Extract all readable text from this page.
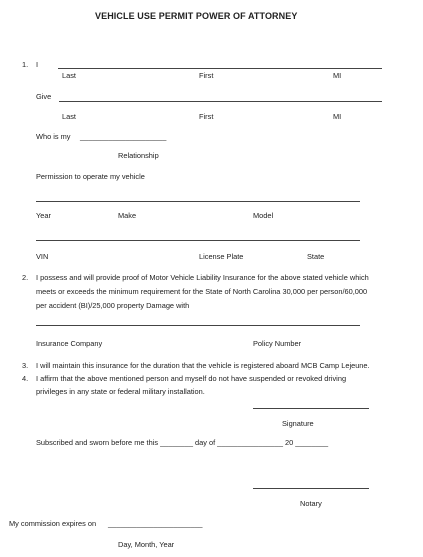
VEHICLE USE PERMIT POWER OF ATTORNEY
1. I
Last	First	MI
Give
Last	First	MI
Who is my _____________________
Relationship
Permission to operate my vehicle
Year	Make	Model
VIN	License Plate	State
2. I possess and will provide proof of Motor Vehicle Liability Insurance for the above stated vehicle which
meets or exceeds the minimum requirement for the State of North Carolina 30,000 per person/60,000
per accident (BI)/25,000 property Damage with
Insurance Company	Policy Number
3. I will maintain this insurance for the duration that the vehicle is registered aboard MCB Camp Lejeune.
4. I affirm that the above mentioned person and myself do not have suspended or revoked driving
privileges in any state or federal military installation.
Signature
Subscribed and sworn before me this ________ day of ________________ 20 ________
Notary
My commission expires on _______________________
Day, Month, Year
